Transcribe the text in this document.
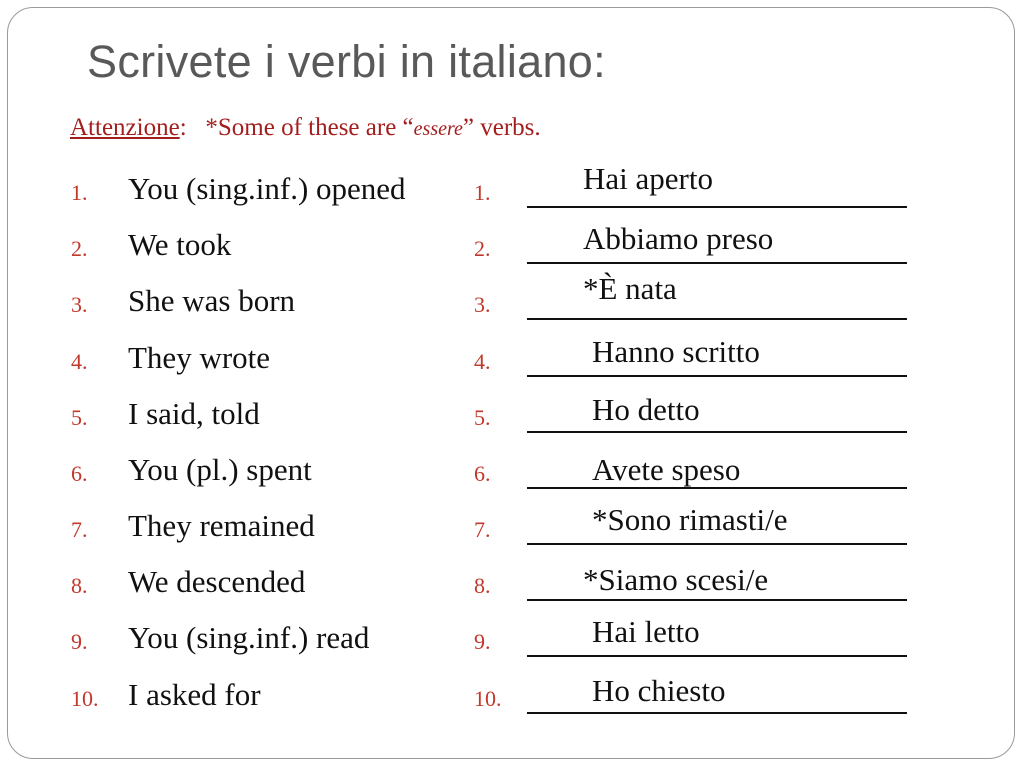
Scrivete i verbi in italiano:
Attenzione: *Some of these are “essere” verbs.
1. You (sing.inf.) opened	1.	Hai aperto
2. We took	2.	Abbiamo preso
3. She was born	3.	*È nata
4. They wrote	4.	Hanno scritto
5. I said, told	5.	Ho detto
6. You (pl.) spent	6.	Avete speso
7. They remained	7.	*Sono rimasti/e
8. We descended	8.	*Siamo scesi/e
9. You (sing.inf.) read	9.	Hai letto
10. I asked for	10.	Ho chiesto
